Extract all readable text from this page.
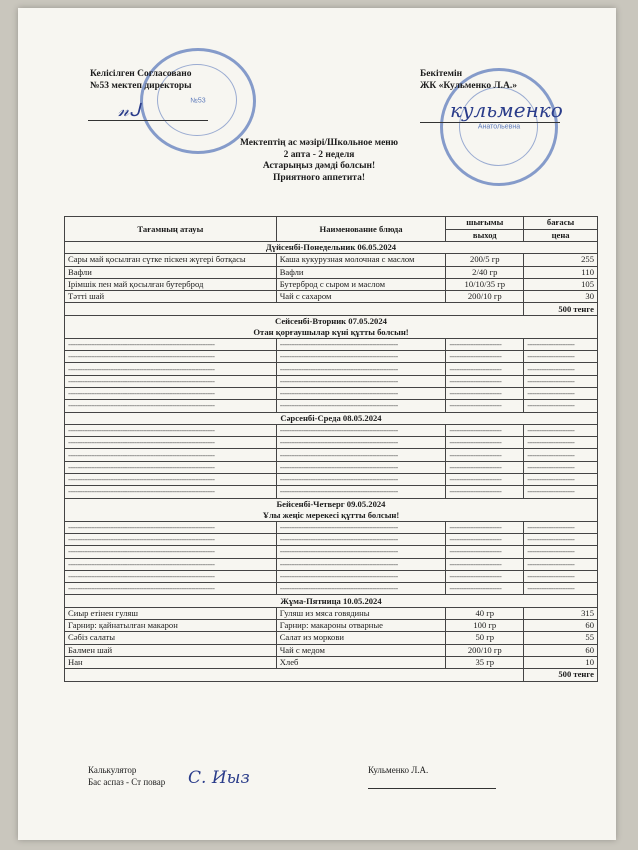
№53
Анатольевна
Келісілген Согласовано
№53 мектеп директоры
𝓃ᒍ
Бекітемін
ЖК «Кульменко Л.А.»
кульменко
Мектептің ас мәзірі/Школьное меню
2 апта - 2 неделя
Астарыңыз дәмді болсын!
Приятного аппетита!
Тағамның атауы	Наименование блюда	шығымы	бағасы
		выход	цена
Дүйсенбі-Понедельник 06.05.2024			
Сары май қосылған сүтке піскен жүгері ботқасы	Каша кукурузная молочная с маслом	200/5 гр	255
Вафли	Вафли	2/40 гр	110
Ірімшік пен май қосылған бутерброд	Бутерброд с сыром и маслом	10/10/35 гр	105
Тәтті шай	Чай с сахаром	200/10 гр	30
			500 тенге

Сейсенбі-Вторник 07.05.2024
Отан қорғаушылар күні құтты болсын!			

--------------------------------------------------------------	--------------------------------------------------	----------------------	--------------------
--------------------------------------------------------------	--------------------------------------------------	----------------------	--------------------
--------------------------------------------------------------	--------------------------------------------------	----------------------	--------------------
--------------------------------------------------------------	--------------------------------------------------	----------------------	--------------------
--------------------------------------------------------------	--------------------------------------------------	----------------------	--------------------
--------------------------------------------------------------	--------------------------------------------------	----------------------	--------------------
Сәрсенбі-Среда 08.05.2024			
--------------------------------------------------------------	--------------------------------------------------	----------------------	--------------------
--------------------------------------------------------------	--------------------------------------------------	----------------------	--------------------
--------------------------------------------------------------	--------------------------------------------------	----------------------	--------------------
--------------------------------------------------------------	--------------------------------------------------	----------------------	--------------------
--------------------------------------------------------------	--------------------------------------------------	----------------------	--------------------
--------------------------------------------------------------	--------------------------------------------------	----------------------	--------------------

Бейсенбі-Четверг 09.05.2024
Ұлы жеңіс мерекесі құтты болсын!			

--------------------------------------------------------------	--------------------------------------------------	----------------------	--------------------
--------------------------------------------------------------	--------------------------------------------------	----------------------	--------------------
--------------------------------------------------------------	--------------------------------------------------	----------------------	--------------------
--------------------------------------------------------------	--------------------------------------------------	----------------------	--------------------
--------------------------------------------------------------	--------------------------------------------------	----------------------	--------------------
--------------------------------------------------------------	--------------------------------------------------	----------------------	--------------------
Жұма-Пятница 10.05.2024			
Сиыр етінен гуляш	Гуляш из мяса говядины	40 гр	315
Гарнир: қайнатылған макарон	Гарнир: макароны отварные	100 гр	60
Сәбіз салаты	Салат из моркови	50 гр	55
Балмен шай	Чай с медом	200/10 гр	60
Нан	Хлеб	35 гр	10
			500 тенге
Калькулятор
Бас аспаз - Ст повар С. Иыз	Кульменко Л.А.
